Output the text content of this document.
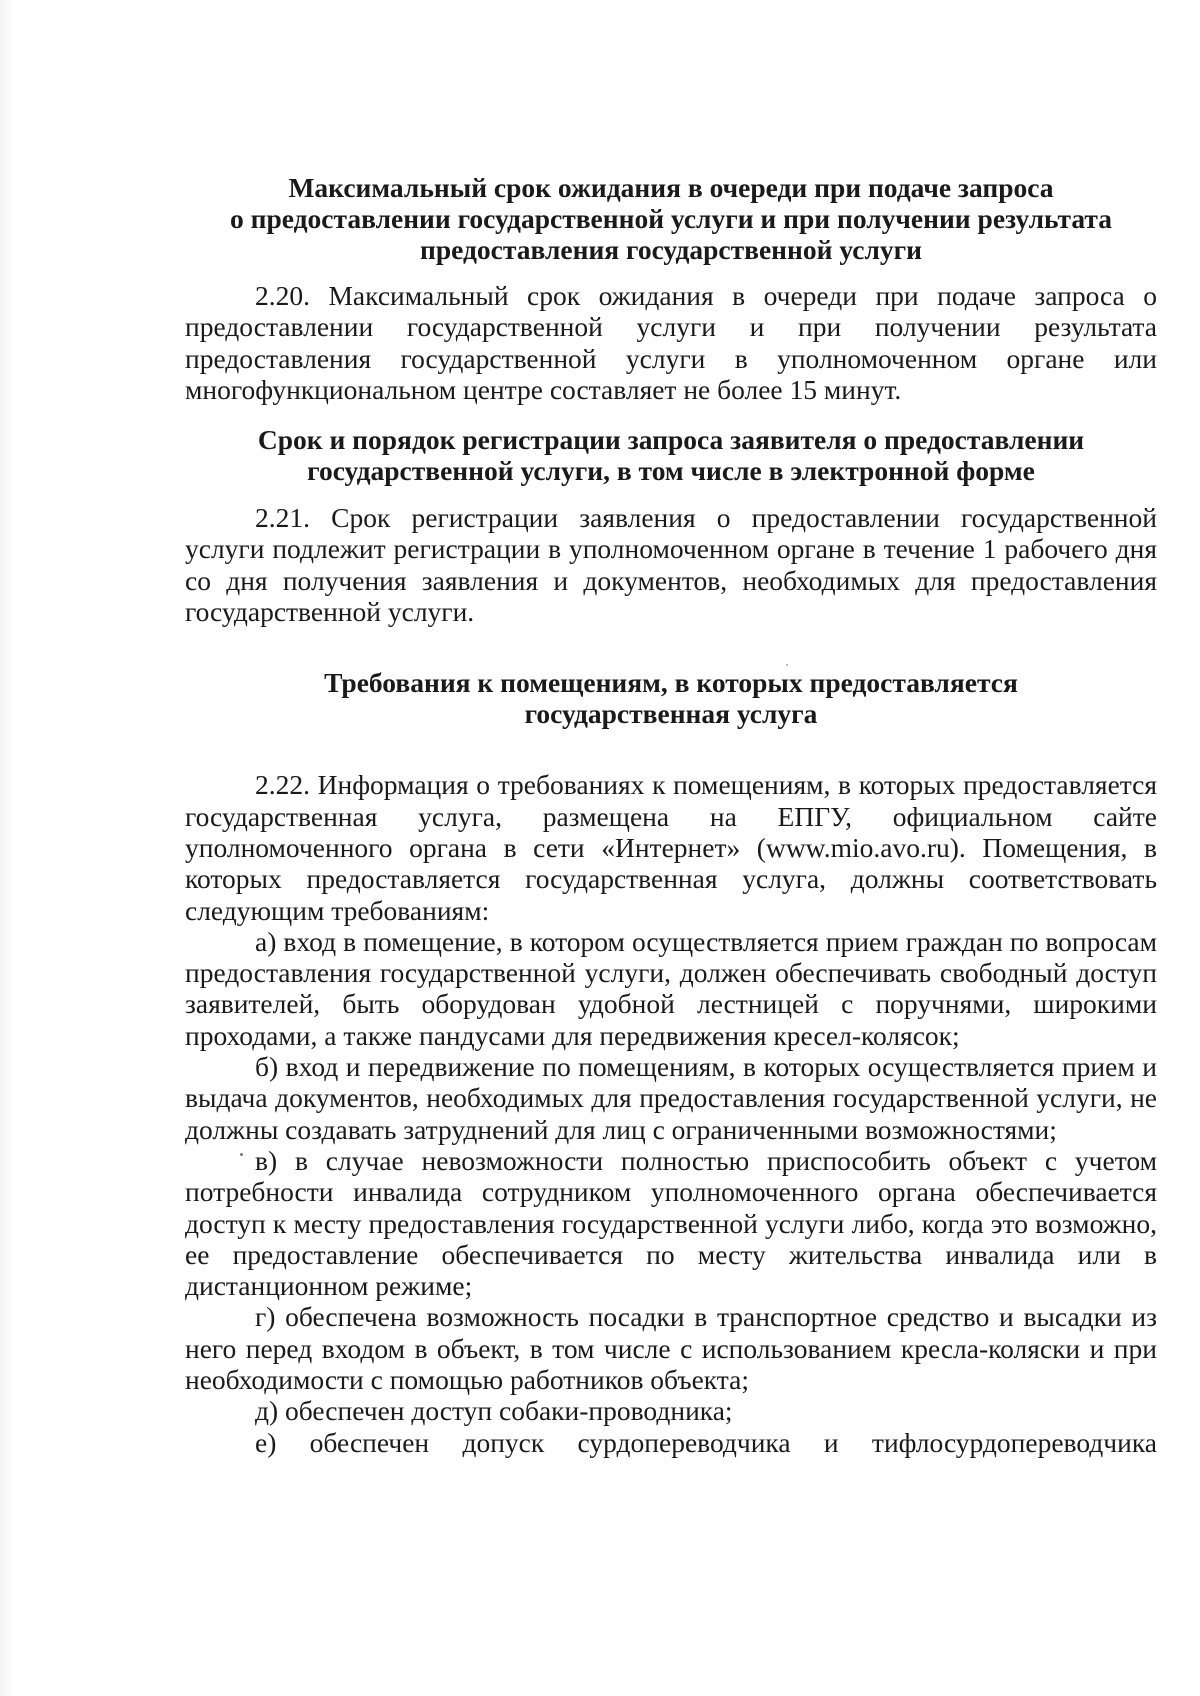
Максимальный срок ожидания в очереди при подаче запроса
о предоставлении государственной услуги и при получении результата
предоставления государственной услуги

2.20. Максимальный срок ожидания в очереди при подаче запроса о предоставлении государственной услуги и при получении результата предоставления государственной услуги в уполномоченном органе или многофункциональном центре составляет не более 15 минут.

Срок и порядок регистрации запроса заявителя о предоставлении
государственной услуги, в том числе в электронной форме

2.21. Срок регистрации заявления о предоставлении государственной услуги подлежит регистрации в уполномоченном органе в течение 1 рабочего дня со дня получения заявления и документов, необходимых для предоставления государственной услуги.

Требования к помещениям, в которых предоставляется
государственная услуга

2.22. Информация о требованиях к помещениям, в которых предоставляется государственная услуга, размещена на ЕПГУ, официальном сайте уполномоченного органа в сети «Интернет» (www.mio.avo.ru). Помещения, в которых предоставляется государственная услуга, должны соответствовать следующим требованиям:

а) вход в помещение, в котором осуществляется прием граждан по вопросам предоставления государственной услуги, должен обеспечивать свободный доступ заявителей, быть оборудован удобной лестницей с поручнями, широкими проходами, а также пандусами для передвижения кресел-колясок;

б) вход и передвижение по помещениям, в которых осуществляется прием и выдача документов, необходимых для предоставления государственной услуги, не должны создавать затруднений для лиц с ограниченными возможностями;

в) в случае невозможности полностью приспособить объект с учетом потребности инвалида сотрудником уполномоченного органа обеспечивается доступ к месту предоставления государственной услуги либо, когда это возможно, ее предоставление обеспечивается по месту жительства инвалида или в дистанционном режиме;

г) обеспечена возможность посадки в транспортное средство и высадки из него перед входом в объект, в том числе с использованием кресла-коляски и при необходимости с помощью работников объекта;

д) обеспечен доступ собаки-проводника;

е) обеспечен допуск сурдопереводчика и тифлосурдопереводчика
